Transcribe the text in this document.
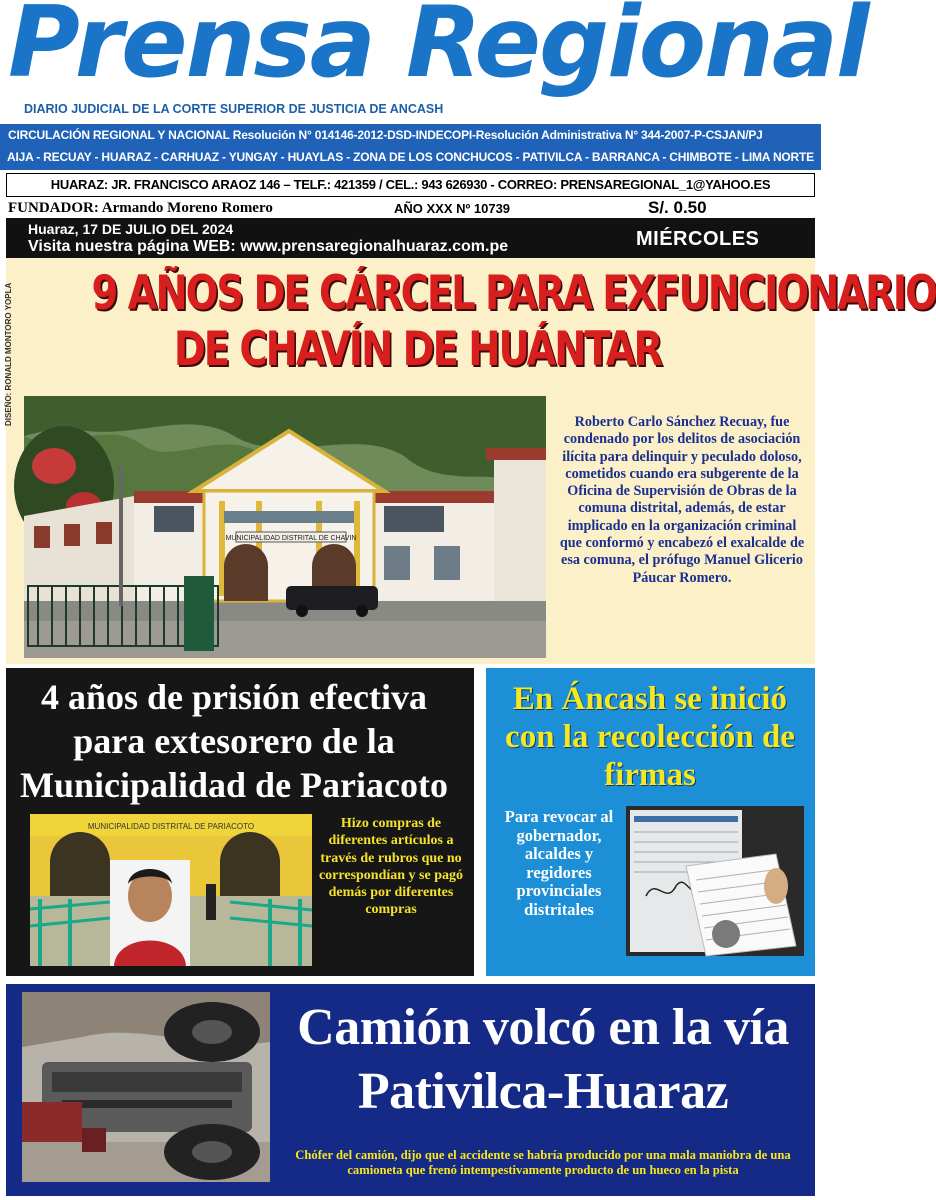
Prensa Regional
DIARIO JUDICIAL DE LA CORTE SUPERIOR DE JUSTICIA DE ANCASH
CIRCULACIÓN REGIONAL Y NACIONAL Resolución N° 014146-2012-DSD-INDECOPI-Resolución Administrativa N° 344-2007-P-CSJAN/PJ
AIJA - RECUAY - HUARAZ - CARHUAZ - YUNGAY - HUAYLAS - ZONA DE LOS CONCHUCOS - PATIVILCA - BARRANCA - CHIMBOTE - LIMA NORTE
HUARAZ: JR. FRANCISCO ARAOZ 146 – TELF.: 421359 / CEL.: 943 626930 - CORREO: PRENSAREGIONAL_1@YAHOO.ES
FUNDADOR: Armando Moreno Romero	AÑO XXX Nº 10739	S/. 0.50
Huaraz, 17 DE JULIO DEL 2024
Visita nuestra página WEB: www.prensaregionalhuaraz.com.pe	MIÉRCOLES
DISEÑO: RONALD MONTORO YOPLA 9 AÑOS DE CÁRCEL PARA EXFUNCIONARIO
DE CHAVÍN DE HUÁNTAR
MUNICIPALIDAD DISTRITAL DE CHAVIN
Roberto Carlo Sánchez Recuay, fue condenado por los delitos de asociación ilícita para delinquir y peculado doloso, cometidos cuando era subgerente de la Oficina de Supervisión de Obras de la comuna distrital, además, de estar implicado en la organización criminal que conformó y encabezó el exalcalde de esa comuna, el prófugo Manuel Glicerio Páucar Romero.
4 años de prisión efectiva para extesorero de la Municipalidad de Pariacoto
MUNICIPALIDAD DISTRITAL DE PARIACOTO	Hizo compras de diferentes artículos a través de rubros que no correspondían y se pagó demás por diferentes compras
En Áncash se inició con la recolección de firmas
Para revocar al gobernador, alcaldes y regidores provinciales distritales
Camión volcó en la vía Pativilca-Huaraz
Chófer del camión, dijo que el accidente se habría producido por una mala maniobra de una camioneta que frenó intempestivamente producto de un hueco en la pista
